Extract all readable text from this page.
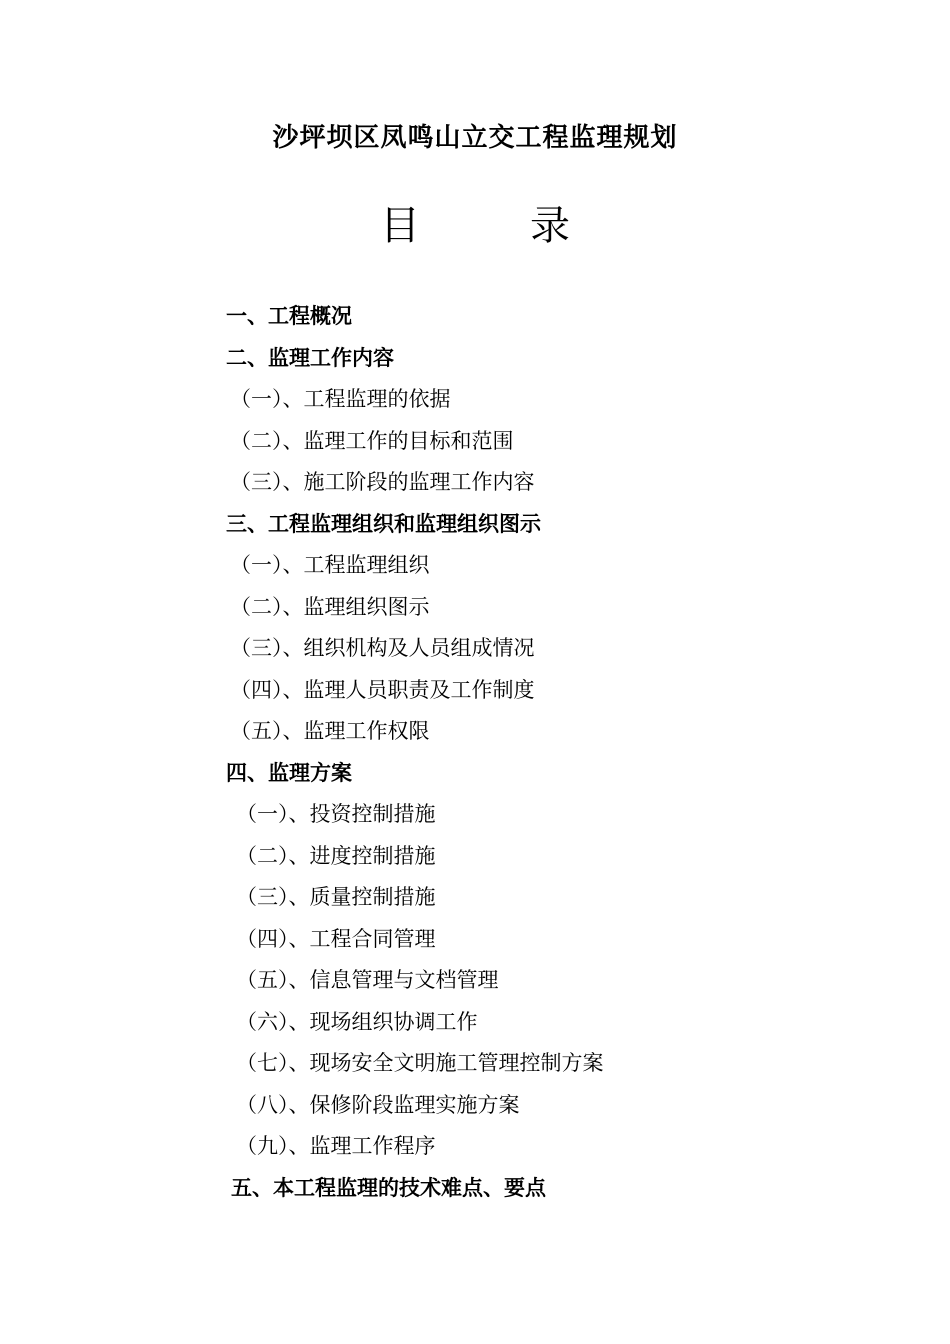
沙坪坝区凤鸣山立交工程监理规划
目	录
一、工程概况
二、监理工作内容
（一）、工程监理的依据
（二）、监理工作的目标和范围
（三）、施工阶段的监理工作内容
三、工程监理组织和监理组织图示
（一）、工程监理组织
（二）、监理组织图示
（三）、组织机构及人员组成情况
（四）、监理人员职责及工作制度
（五）、监理工作权限
四、监理方案
（一）、投资控制措施
（二）、进度控制措施
（三）、质量控制措施
（四）、工程合同管理
（五）、信息管理与文档管理
（六）、现场组织协调工作
（七）、现场安全文明施工管理控制方案
（八）、保修阶段监理实施方案
（九）、监理工作程序
五、本工程监理的技术难点、要点
